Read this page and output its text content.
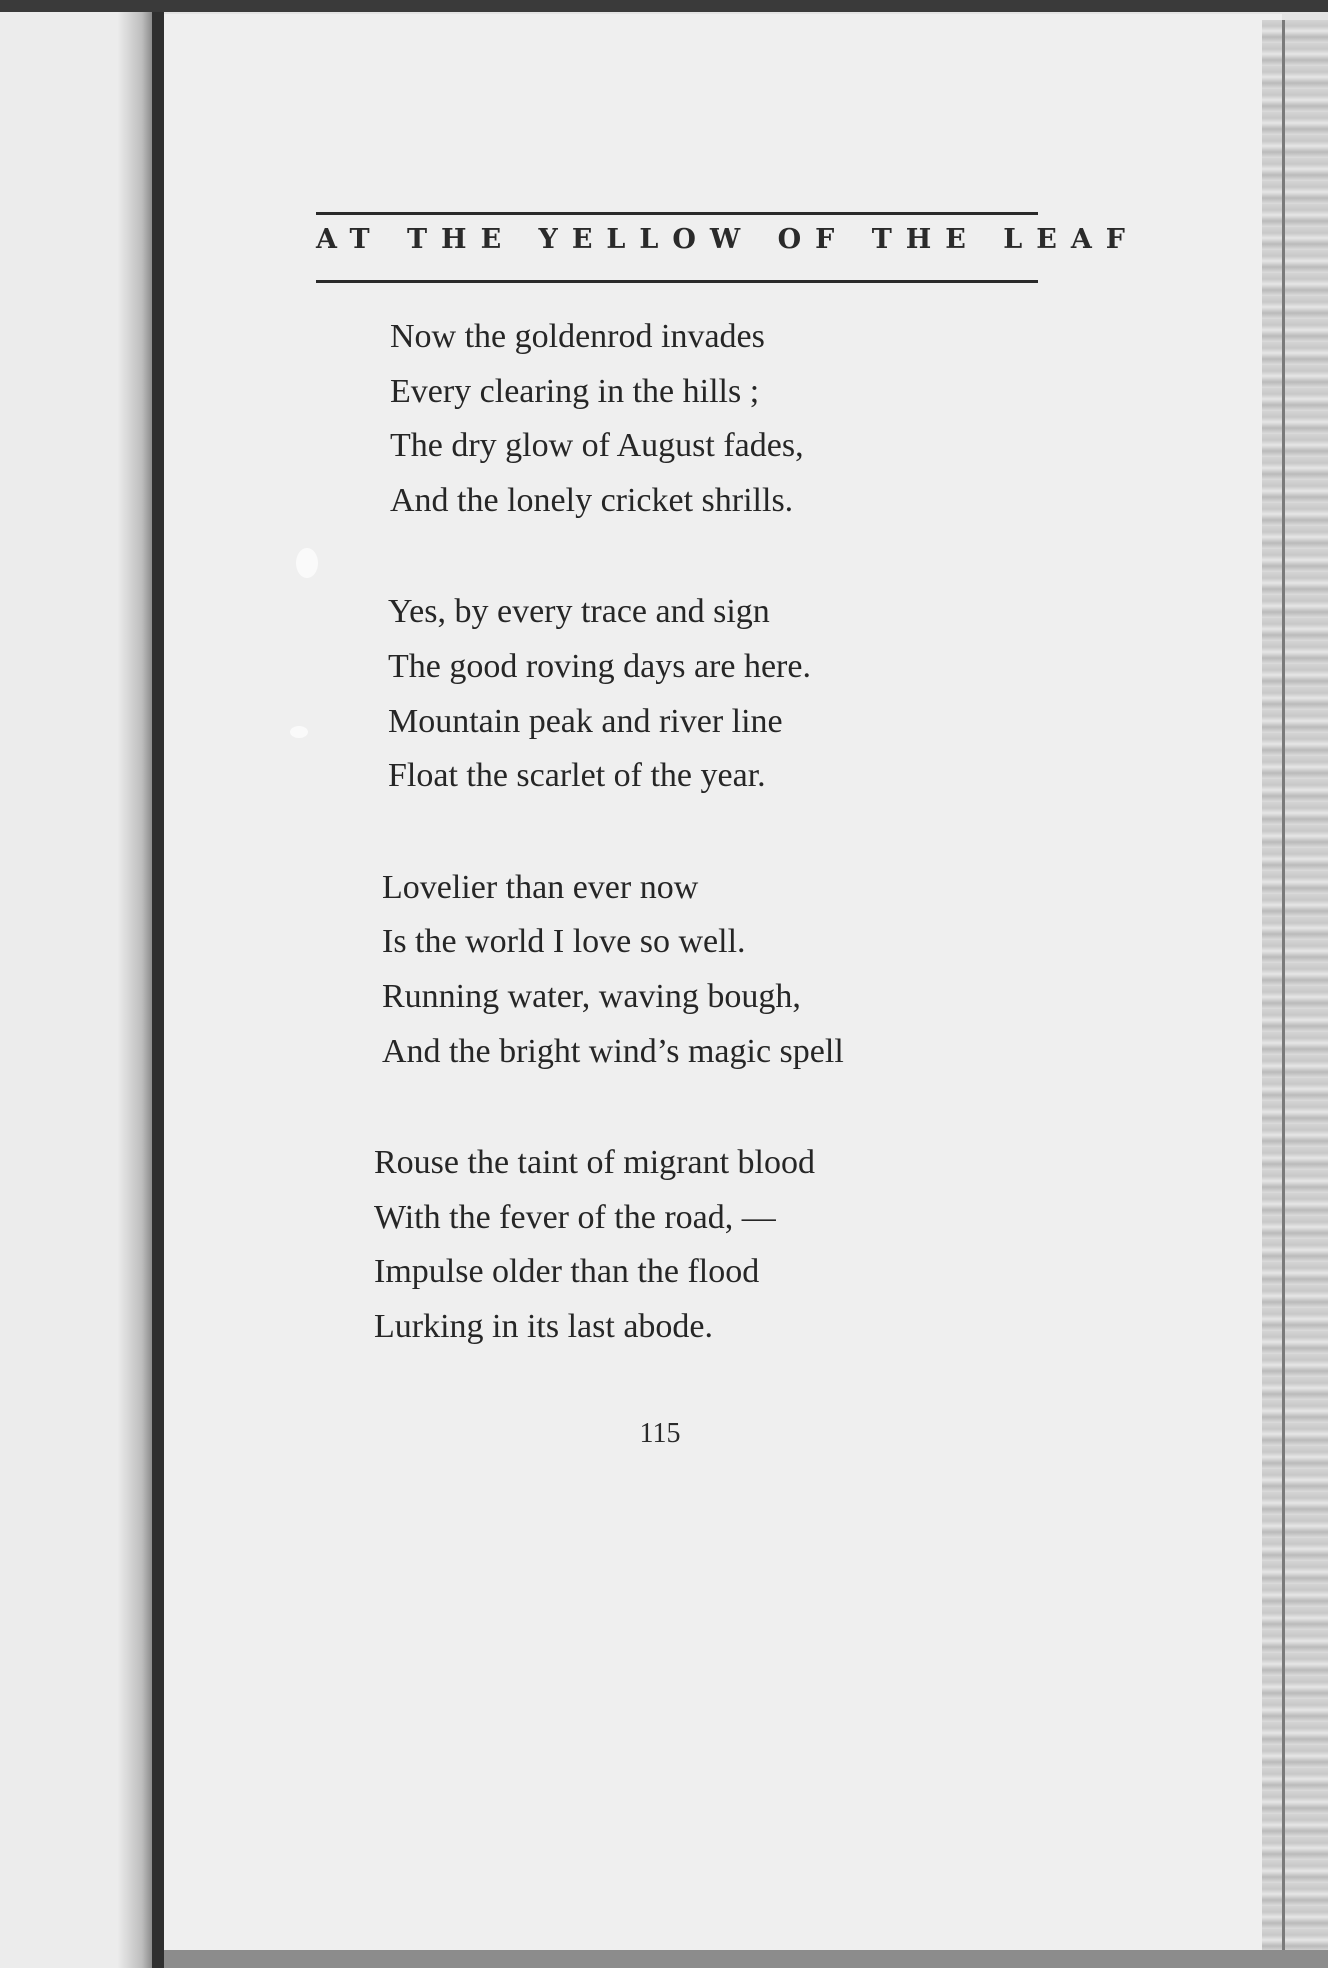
AT THE YELLOW OF THE LEAF
Now the goldenrod invades
Every clearing in the hills ;
The dry glow of August fades,
And the lonely cricket shrills.
Yes, by every trace and sign
The good roving days are here.
Mountain peak and river line
Float the scarlet of the year.
Lovelier than ever now
Is the world I love so well.
Running water, waving bough,
And the bright wind’s magic spell
Rouse the taint of migrant blood
With the fever of the road, —
Impulse older than the flood
Lurking in its last abode.
115
